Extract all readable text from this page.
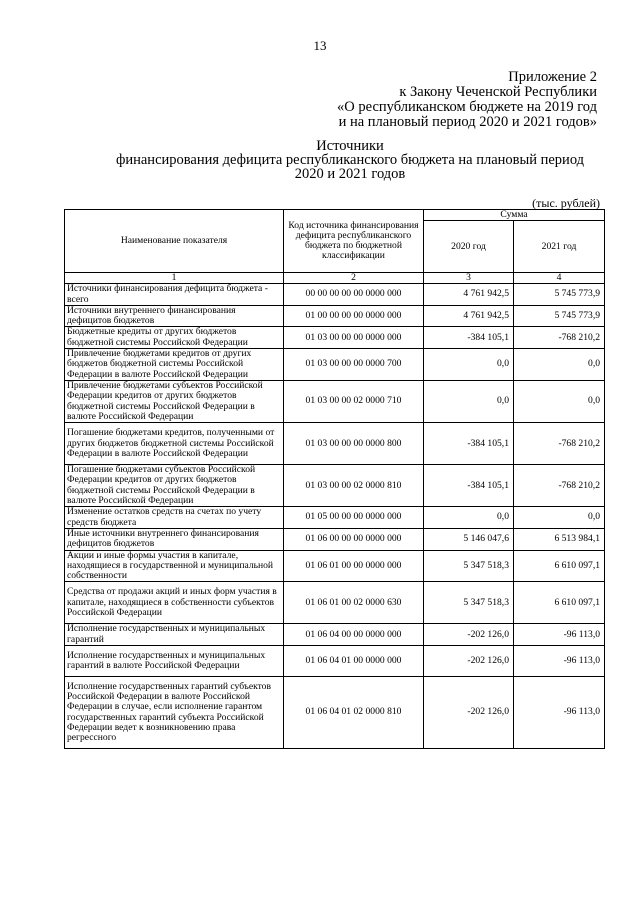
13
Приложение 2
к Закону Чеченской Республики
«О республиканском бюджете на 2019 год
и на плановый период 2020 и 2021 годов»
Источники
финансирования дефицита республиканского бюджета на плановый период
2020 и 2021 годов
(тыс. рублей)
Наименование показателя	Код источника финансирования дефицита республиканского бюджета по бюджетной классификации	Сумма	
		2020 год	2021 год
1	2	3	4
Источники финансирования дефицита бюджета - всего	00 00 00 00 00 0000 000	4 761 942,5	5 745 773,9
Источники внутреннего финансирования дефицитов бюджетов	01 00 00 00 00 0000 000	4 761 942,5	5 745 773,9
Бюджетные кредиты от других бюджетов бюджетной системы Российской Федерации	01 03 00 00 00 0000 000	-384 105,1	-768 210,2
Привлечение бюджетами кредитов от других бюджетов бюджетной системы Российской Федерации в валюте Российской Федерации	01 03 00 00 00 0000 700	0,0	0,0
Привлечение бюджетами субъектов Российской Федерации кредитов от других бюджетов бюджетной системы Российской Федерации в валюте Российской Федерации	01 03 00 00 02 0000 710	0,0	0,0
Погашение бюджетами кредитов, полученными от других бюджетов бюджетной системы Российской Федерации в валюте Российской Федерации	01 03 00 00 00 0000 800	-384 105,1	-768 210,2
Погашение бюджетами субъектов Российской Федерации кредитов от других бюджетов бюджетной системы Российской Федерации в валюте Российской Федерации	01 03 00 00 02 0000 810	-384 105,1	-768 210,2
Изменение остатков средств на счетах по учету средств бюджета	01 05 00 00 00 0000 000	0,0	0,0
Иные источники внутреннего финансирования дефицитов бюджетов	01 06 00 00 00 0000 000	5 146 047,6	6 513 984,1
Акции и иные формы участия в капитале, находящиеся в государственной и муниципальной собственности	01 06 01 00 00 0000 000	5 347 518,3	6 610 097,1
Средства от продажи акций и иных форм участия в капитале, находящиеся в собственности субъектов Российской Федерации	01 06 01 00 02 0000 630	5 347 518,3	6 610 097,1
Исполнение государственных и муниципальных гарантий	01 06 04 00 00 0000 000	-202 126,0	-96 113,0
Исполнение государственных и муниципальных гарантий в валюте Российской Федерации	01 06 04 01 00 0000 000	-202 126,0	-96 113,0
Исполнение государственных гарантий субъектов Российской Федерации в валюте Российской Федерации в случае, если исполнение гарантом государственных гарантий субъекта Российской Федерации ведет к возникновению права регрессного	01 06 04 01 02 0000 810	-202 126,0	-96 113,0
